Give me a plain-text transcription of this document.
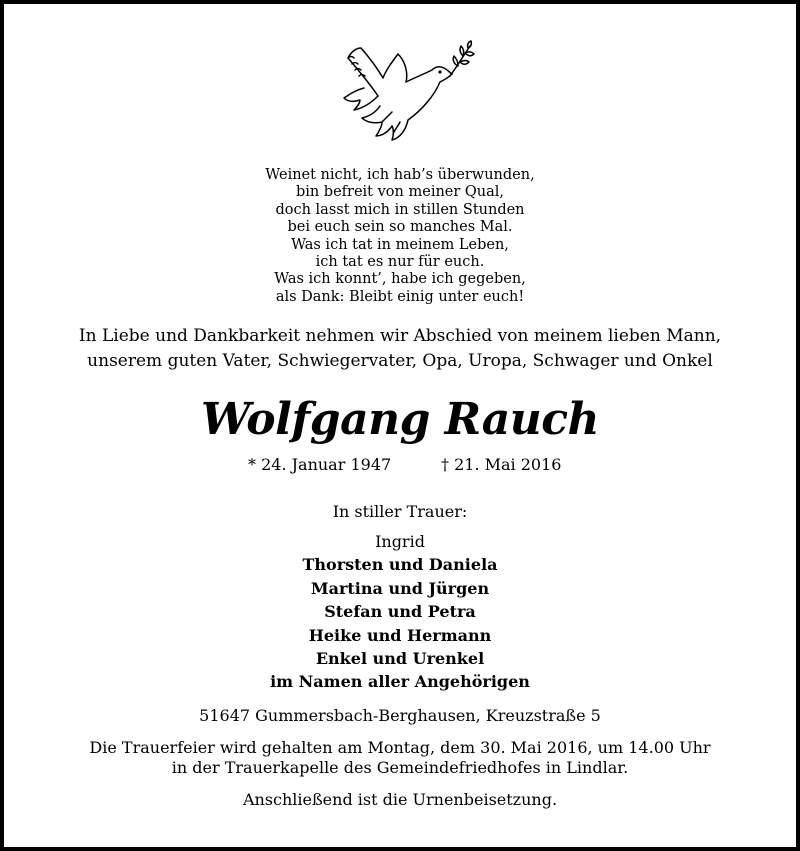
Weinet nicht, ich hab’s überwunden,
bin befreit von meiner Qual,
doch lasst mich in stillen Stunden
bei euch sein so manches Mal.
Was ich tat in meinem Leben,
ich tat es nur für euch.
Was ich konnt’, habe ich gegeben,
als Dank: Bleibt einig unter euch!
In Liebe und Dankbarkeit nehmen wir Abschied von meinem lieben Mann,
unserem guten Vater, Schwiegervater, Opa, Uropa, Schwager und Onkel
Wolfgang Rauch
* 24. Januar 1947	† 21. Mai 2016
In stiller Trauer:
Ingrid
Thorsten und Daniela
Martina und Jürgen
Stefan und Petra
Heike und Hermann
Enkel und Urenkel
im Namen aller Angehörigen
51647 Gummersbach-Berghausen, Kreuzstraße 5
Die Trauerfeier wird gehalten am Montag, dem 30. Mai 2016, um 14.00 Uhr
in der Trauerkapelle des Gemeindefriedhofes in Lindlar.
Anschließend ist die Urnenbeisetzung.
